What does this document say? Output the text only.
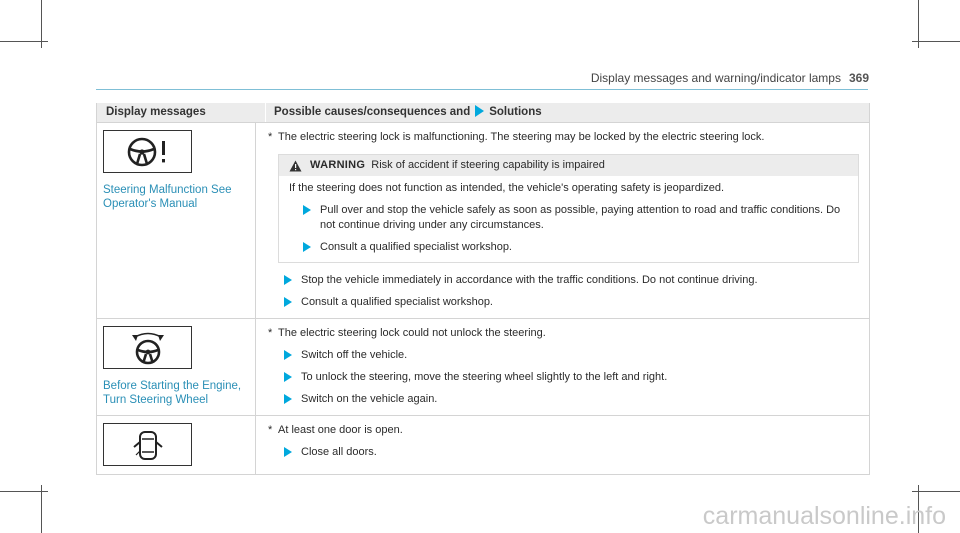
Display messages and warning/indicator lamps 369
Display messages	Possible causes/consequences and Solutions
Steering Malfunction See Operator's Manual
* The electric steering lock is malfunctioning. The steering may be locked by the electric steering lock.
WARNING Risk of accident if steering capability is impaired
If the steering does not function as intended, the vehicle's operating safety is jeopardized.
Pull over and stop the vehicle safely as soon as possible, paying attention to road and traffic conditions. Do not continue driving under any circumstances.
Consult a qualified specialist workshop.
Stop the vehicle immediately in accordance with the traffic conditions. Do not continue driving.
Consult a qualified specialist workshop.
Before Starting the Engine, Turn Steering Wheel
* The electric steering lock could not unlock the steering.
Switch off the vehicle.
To unlock the steering, move the steering wheel slightly to the left and right.
Switch on the vehicle again.
* At least one door is open.
Close all doors.
carmanualsonline.info
